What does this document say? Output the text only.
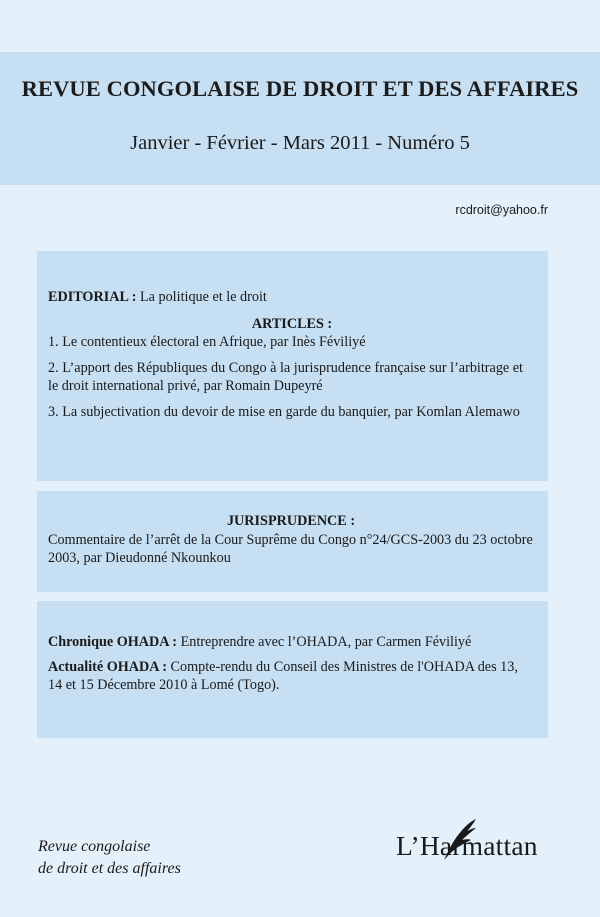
REVUE CONGOLAISE DE DROIT ET DES AFFAIRES
Janvier - Février - Mars 2011 - Numéro 5
rcdroit@yahoo.fr

EDITORIAL : La politique et le droit

ARTICLES :

1. Le contentieux électoral en Afrique, par Inès Féviliyé

2. L’apport des Républiques du Congo à la jurisprudence française sur l’arbitrage et le droit international privé, par Romain Dupeyré

3. La subjectivation du devoir de mise en garde du banquier, par Komlan Alemawo

JURISPRUDENCE :

Commentaire de l’arrêt de la Cour Suprême du Congo n°24/GCS-2003 du 23 octobre 2003, par Dieudonné Nkounkou

Chronique OHADA : Entreprendre avec l’OHADA, par Carmen Féviliyé

Actualité OHADA : Compte-rendu du Conseil des Ministres de l'OHADA des 13, 14 et 15 Décembre 2010 à Lomé (Togo).

Revue congolaise
de droit et des affaires
L’Harmattan
